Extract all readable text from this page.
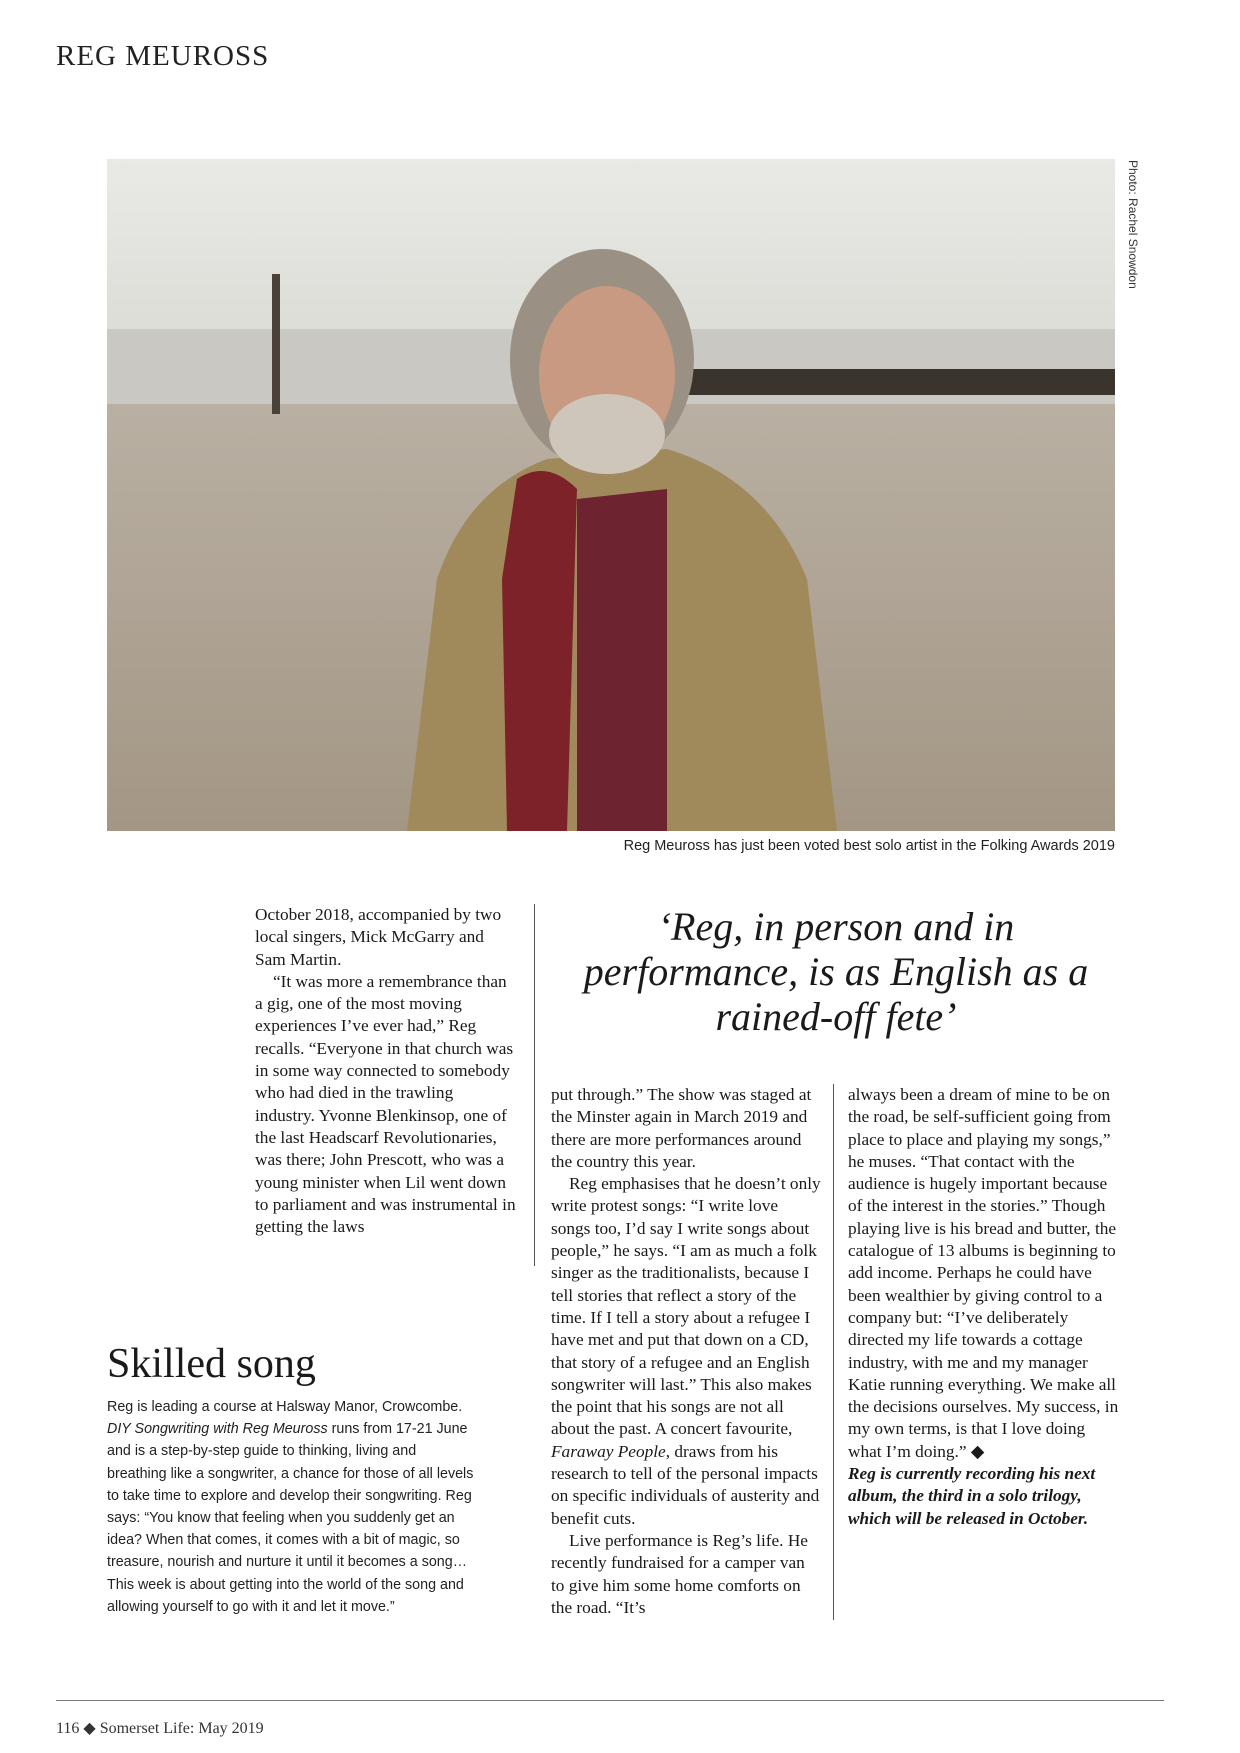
REG MEUROSS
Photo: Rachel Snowdon
Reg Meuross has just been voted best solo artist in the Folking Awards 2019

October 2018, accompanied by two local singers, Mick McGarry and Sam Martin.

“It was more a remembrance than a gig, one of the most moving experiences I’ve ever had,” Reg recalls. “Everyone in that church was in some way connected to somebody who had died in the trawling industry. Yvonne Blenkinsop, one of the last Headscarf Revolutionaries, was there; John Prescott, who was a young minister when Lil went down to parliament and was instrumental in getting the laws

‘Reg, in person and in performance, is as English as a rained-off fete’

put through.” The show was staged at the Minster again in March 2019 and there are more performances around the country this year.

Reg emphasises that he doesn’t only write protest songs: “I write love songs too, I’d say I write songs about people,” he says. “I am as much a folk singer as the traditionalists, because I tell stories that reflect a story of the time. If I tell a story about a refugee I have met and put that down on a CD, that story of a refugee and an English songwriter will last.” This also makes the point that his songs are not all about the past. A concert favourite, Faraway People, draws from his research to tell of the personal impacts on specific individuals of austerity and benefit cuts.

Live performance is Reg’s life. He recently fundraised for a camper van to give him some home comforts on the road. “It’s

always been a dream of mine to be on the road, be self-sufficient going from place to place and playing my songs,” he muses. “That contact with the audience is hugely important because of the interest in the stories.” Though playing live is his bread and butter, the catalogue of 13 albums is beginning to add income. Perhaps he could have been wealthier by giving control to a company but: “I’ve deliberately directed my life towards a cottage industry, with me and my manager Katie running everything. We make all the decisions ourselves. My success, in my own terms, is that I love doing what I’m doing.” ◆

Reg is currently recording his next album, the third in a solo trilogy, which will be released in October.

Skilled song
Reg is leading a course at Halsway Manor, Crowcombe. DIY Songwriting with Reg Meuross runs from 17-21 June and is a step-by-step guide to thinking, living and breathing like a songwriter, a chance for those of all levels to take time to explore and develop their songwriting. Reg says: “You know that feeling when you suddenly get an idea? When that comes, it comes with a bit of magic, so treasure, nourish and nurture it until it becomes a song… This week is about getting into the world of the song and allowing yourself to go with it and let it move.”
116 ◆ Somerset Life: May 2019
